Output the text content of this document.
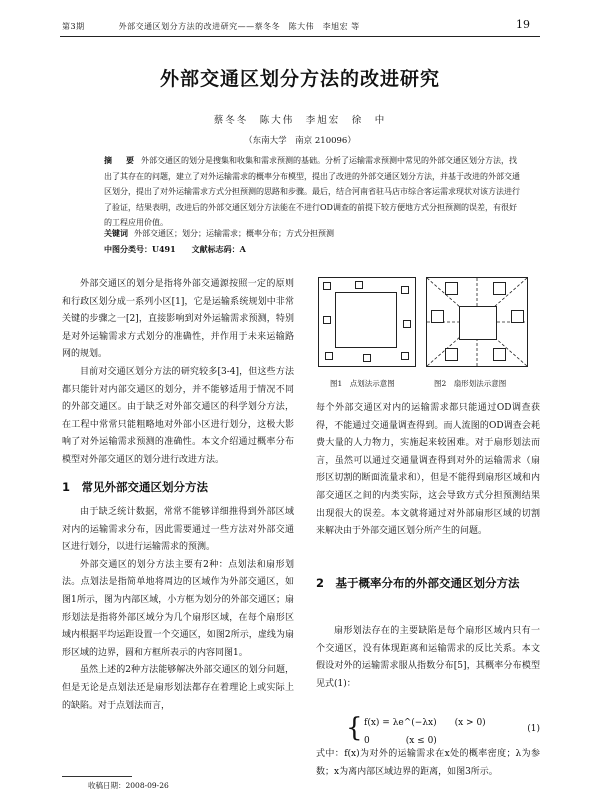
第3期　　　　外部交通区划分方法的改进研究——蔡冬冬　陈大伟　李旭宏 等	19
外部交通区划分方法的改进研究
蔡冬冬　陈大伟　李旭宏　徐　中
（东南大学　南京 210096）
摘　要 外部交通区的划分是搜集和收集和需求预测的基础。分析了运输需求预测中常见的外部交通区划分方法，找出了其存在的问题，建立了对外运输需求的概率分布模型，提出了改进的外部交通区划分方法，并基于改进的外部交通区划分，提出了对外运输需求方式分担预测的思路和步骤。最后，结合河南省驻马店市综合客运需求现状对该方法进行了验证，结果表明，改进后的外部交通区划分方法能在不进行OD调查的前提下较方便地方式分担预测的误差，有很好的工程应用价值。
关键词 外部交通区；划分；运输需求；概率分布；方式分担预测
中图分类号：U491　　文献标志码：A

外部交通区的划分是指将外部交通源按照一定的原则和行政区划分成一系列小区[1]，它是运输系统规划中非常关键的步骤之一[2]，直接影响到对外运输需求预测，特别是对外运输需求方式划分的准确性，并作用于未来运输路网的规划。

目前对交通区划分方法的研究较多[3-4]，但这些方法都只能针对内部交通区的划分，并不能够适用于情况不同的外部交通区。由于缺乏对外部交通区的科学划分方法，在工程中常常只能粗略地对外部小区进行划分，这极大影响了对外运输需求预测的准确性。本文介绍通过概率分布模型对外部交通区的划分进行改进方法。

1　常见外部交通区划分方法

由于缺乏统计数据，常常不能够详细推得到外部区域对内的运输需求分布，因此需要通过一些方法对外部交通区进行划分，以进行运输需求的预测。

外部交通区的划分方法主要有2种：点划法和扇形划法。点划法是指简单地将周边的区域作为外部交通区，如图1所示，图为内部区域，小方框为划分的外部交通区；扇形划法是指将外部区域分为几个扇形区域，在每个扇形区域内根据平均运距设置一个交通区，如图2所示，虚线为扇形区域的边界，圆和方框所表示的内容同图1。

虽然上述的2种方法能够解决外部交通区的划分问题，但是无论是点划法还是扇形划法都存在着理论上或实际上的缺陷。对于点划法而言，

图1　点划法示意图	图2　扇形划法示意图

每个外部交通区对内的运输需求都只能通过OD调查获得，不能通过交通量调查得到。而人流图的OD调查会耗费大量的人力物力，实施起来较困难。对于扇形划法而言，虽然可以通过交通量调查得到对外的运输需求（扇形区切割的断面流量求和），但是不能得到扇形区域和内部交通区之间的内类实际，这会导致方式分担预测结果出现很大的误差。本文就将通过对外部扇形区域的切割来解决由于外部交通区划分所产生的问题。

2　基于概率分布的外部交通区划分方法

扇形划法存在的主要缺陷是每个扇形区域内只有一个交通区，没有体现距离和运输需求的反比关系。本文假设对外的运输需求服从指数分布[5]，其概率分布模型见式(1)：

{ f(x) = λe^(−λx)　　(x > 0)
0　　　　(x ≤ 0)
(1)

式中：f(x)为对外的运输需求在x处的概率密度；λ为参数；x为离内部区域边界的距离，如图3所示。

收稿日期：2008-09-26
